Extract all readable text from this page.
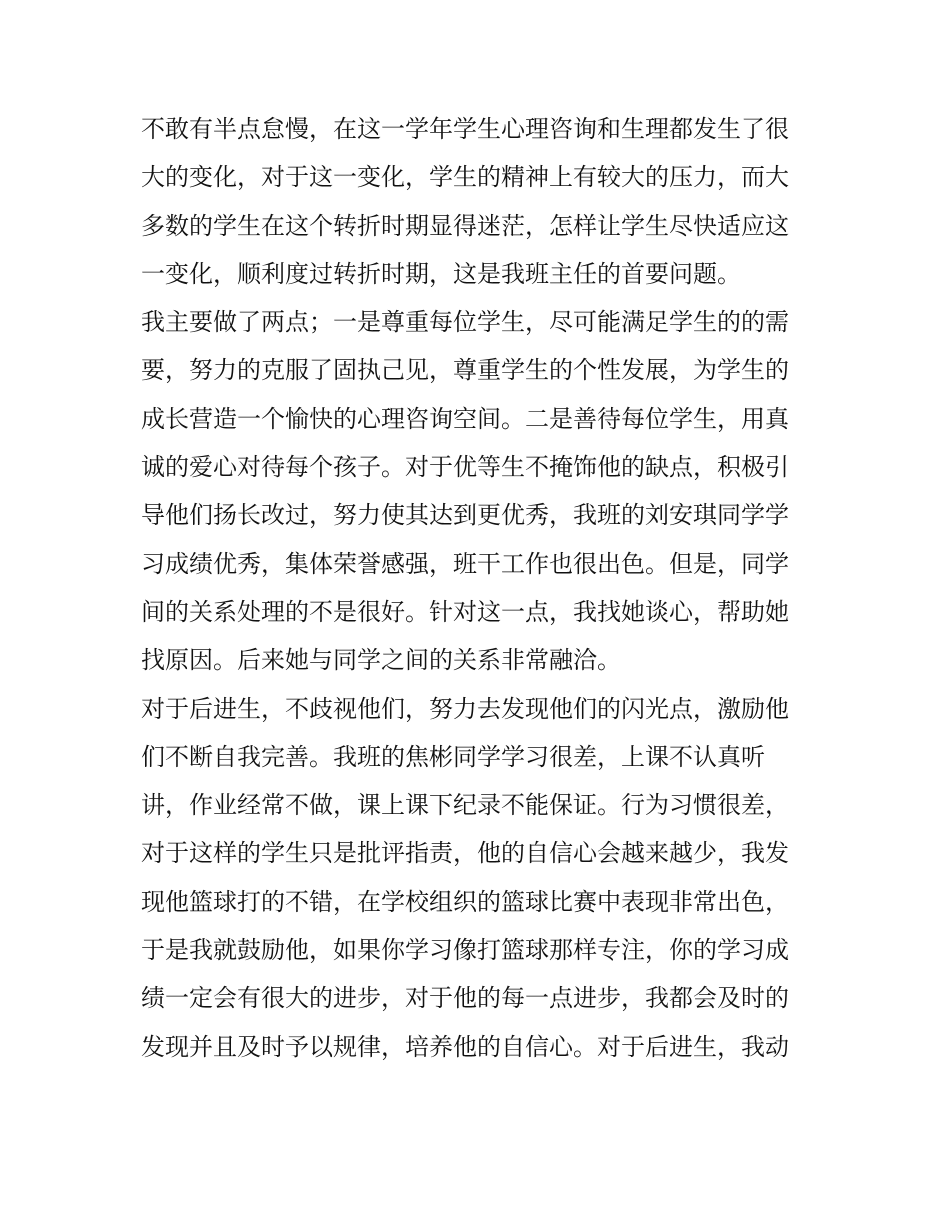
不敢有半点怠慢，在这一学年学生心理咨询和生理都发生了很
大的变化，对于这一变化，学生的精神上有较大的压力，而大
多数的学生在这个转折时期显得迷茫，怎样让学生尽快适应这
一变化，顺利度过转折时期，这是我班主任的首要问题。
我主要做了两点；一是尊重每位学生，尽可能满足学生的的需
要，努力的克服了固执己见，尊重学生的个性发展，为学生的
成长营造一个愉快的心理咨询空间。二是善待每位学生，用真
诚的爱心对待每个孩子。对于优等生不掩饰他的缺点，积极引
导他们扬长改过，努力使其达到更优秀，我班的刘安琪同学学
习成绩优秀，集体荣誉感强，班干工作也很出色。但是，同学
间的关系处理的不是很好。针对这一点，我找她谈心，帮助她
找原因。后来她与同学之间的关系非常融洽。
对于后进生，不歧视他们，努力去发现他们的闪光点，激励他
们不断自我完善。我班的焦彬同学学习很差，上课不认真听
讲，作业经常不做，课上课下纪录不能保证。行为习惯很差，
对于这样的学生只是批评指责，他的自信心会越来越少，我发
现他篮球打的不错，在学校组织的篮球比赛中表现非常出色，
于是我就鼓励他，如果你学习像打篮球那样专注，你的学习成
绩一定会有很大的进步，对于他的每一点进步，我都会及时的
发现并且及时予以规律，培养他的自信心。对于后进生，我动
